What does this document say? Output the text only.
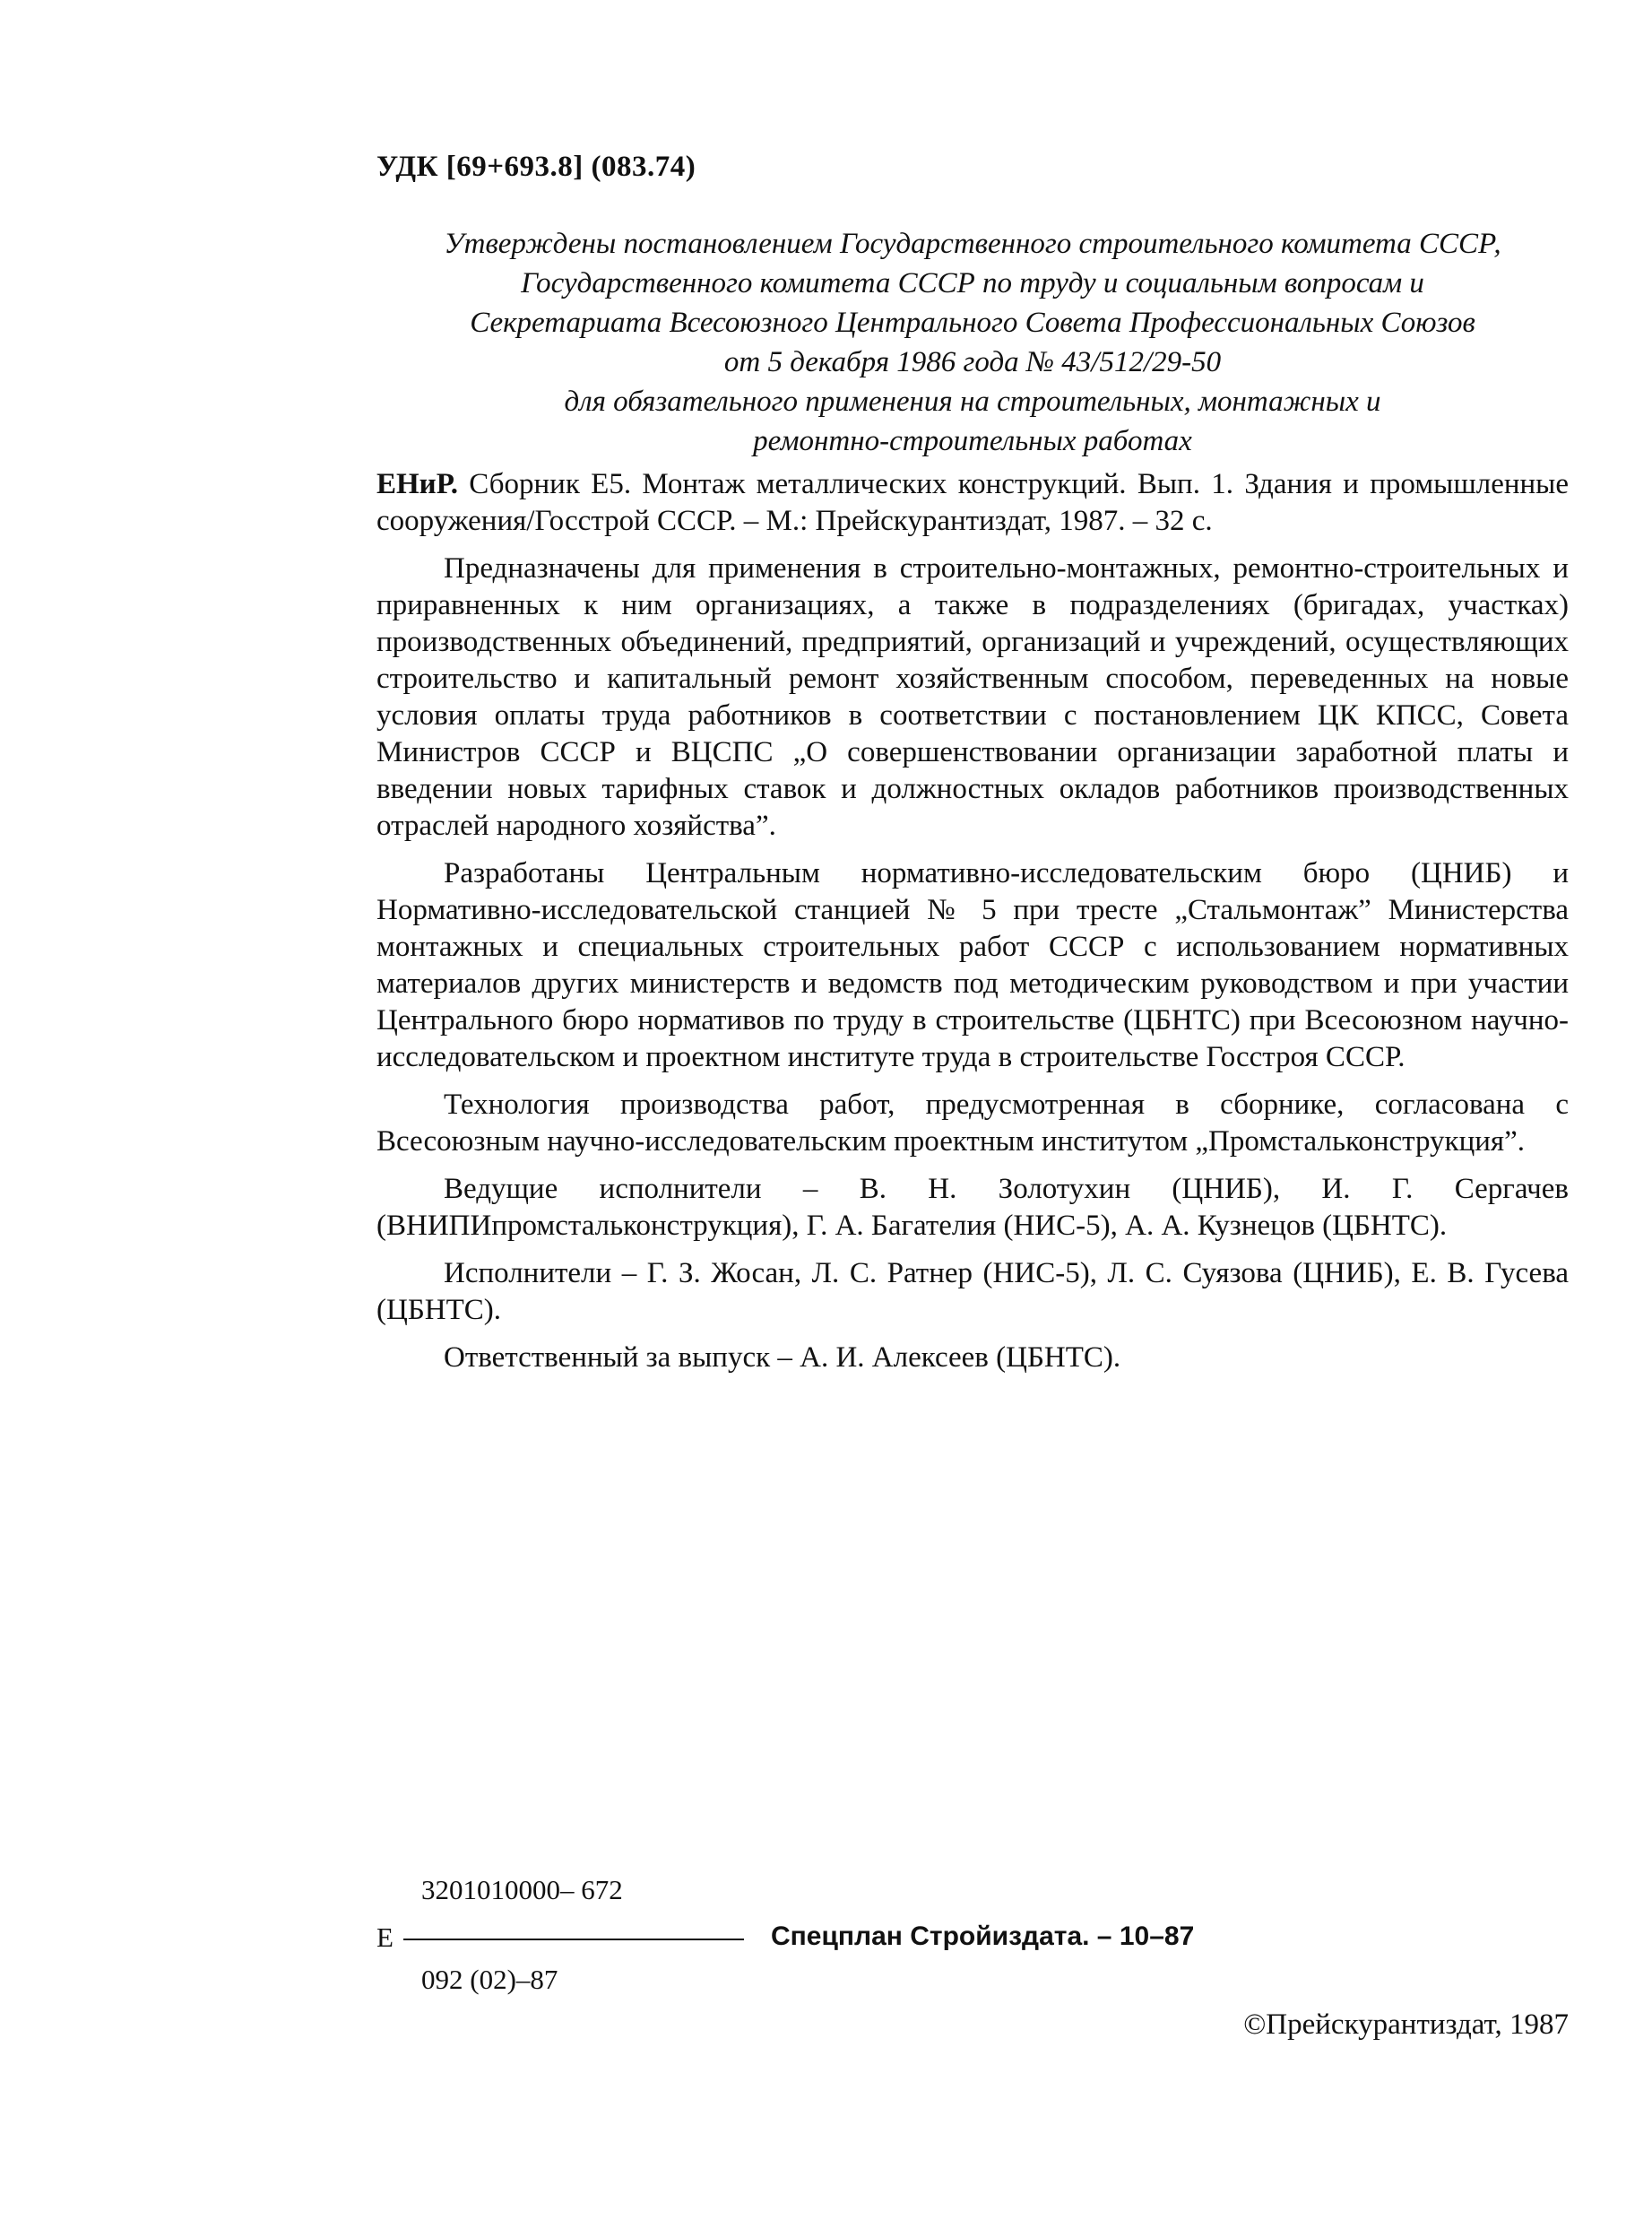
УДК [69+693.8] (083.74)
Утверждены постановлением Государственного строительного комитета СССР,
Государственного комитета СССР по труду и социальным вопросам и
Секретариата Всесоюзного Центрального Совета Профессиональных Союзов
от 5 декабря 1986 года № 43/512/29-50
для обязательного применения на строительных, монтажных и
ремонтно-строительных работах

ЕНиР. Сборник Е5. Монтаж металлических конструкций. Вып. 1. Здания и промышленные сооружения/Госстрой СССР. – М.: Прейскурантиздат, 1987. – 32 с.

Предназначены для применения в строительно-монтажных, ремонтно-строительных и приравненных к ним организациях, а также в подразделениях (бригадах, участках) производственных объединений, предприятий, организаций и учреждений, осуществляющих строительство и капитальный ремонт хозяйственным способом, переведенных на новые условия оплаты труда работников в соответствии с постановлением ЦК КПСС, Совета Министров СССР и ВЦСПС „О совершенствовании организации заработной платы и введении новых тарифных ставок и должностных окладов работников производственных отраслей народного хозяйства”.

Разработаны Центральным нормативно-исследовательским бюро (ЦНИБ) и Нормативно-исследовательской станцией № 5 при тресте „Стальмонтаж” Министерства монтажных и специальных строительных работ СССР с использованием нормативных материалов других министерств и ведомств под методическим руководством и при участии Центрального бюро нормативов по труду в строительстве (ЦБНТС) при Всесоюзном научно-исследовательском и проектном институте труда в строительстве Госстроя СССР.

Технология производства работ, предусмотренная в сборнике, согласована с Всесоюзным научно-исследовательским проектным институтом „Промстальконструкция”.

Ведущие исполнители – В. Н. Золотухин (ЦНИБ), И. Г. Сергачев (ВНИПИпромстальконструкция), Г. А. Багателия (НИС-5), А. А. Кузнецов (ЦБНТС).

Исполнители – Г. З. Жосан, Л. С. Ратнер (НИС-5), Л. С. Суязова (ЦНИБ), Е. В. Гусева (ЦБНТС).

Ответственный за выпуск – А. И. Алексеев (ЦБНТС).

3201010000– 672
Е
092 (02)–87
Спецплан Стройиздата. – 10–87
©Прейскурантиздат, 1987
